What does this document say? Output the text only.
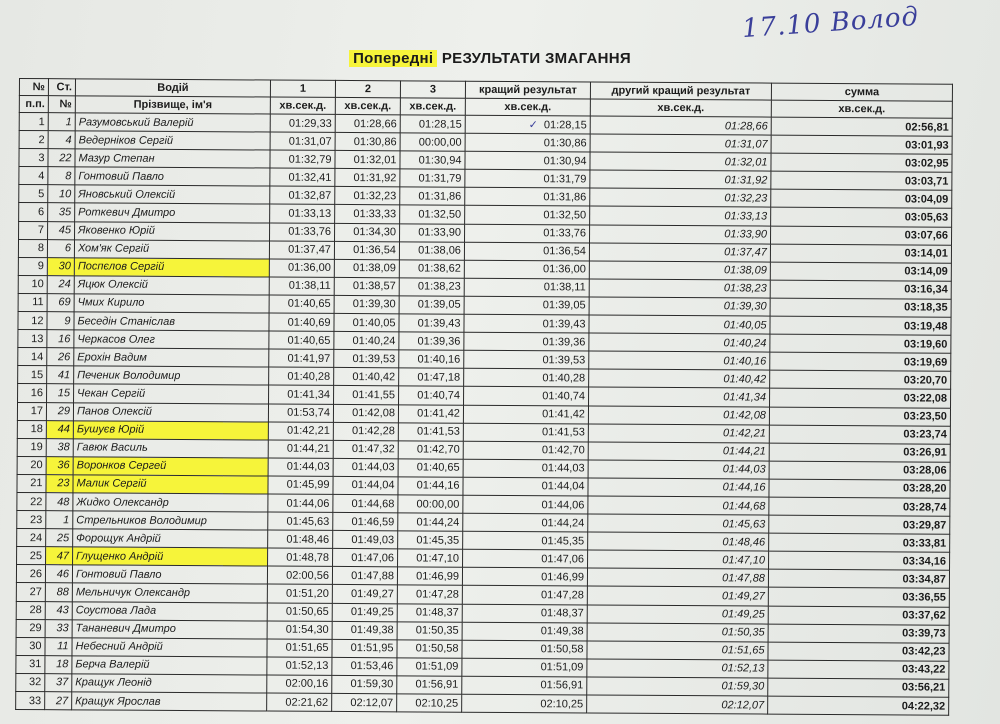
17.10 Волод
Попередні РЕЗУЛЬТАТИ ЗМАГАННЯ
№	Ст.	Водій	1	2	3	кращий результат	другий кращий результат	сумма
п.п.	№	Прізвище, ім'я	хв.сек.д.	хв.сек.д.	хв.сек.д.	хв.сек.д.	хв.сек.д.	хв.сек.д.
1	1	Разумовський Валерій	01:29,33	01:28,66	01:28,15	✓ 01:28,15	01:28,66	02:56,81
2	4	Ведерніков Сергій	01:31,07	01:30,86	00:00,00	01:30,86	01:31,07	03:01,93
3	22	Мазур Степан	01:32,79	01:32,01	01:30,94	01:30,94	01:32,01	03:02,95
4	8	Гонтовий Павло	01:32,41	01:31,92	01:31,79	01:31,79	01:31,92	03:03,71
5	10	Яновський Олексій	01:32,87	01:32,23	01:31,86	01:31,86	01:32,23	03:04,09
6	35	Роткевич Дмитро	01:33,13	01:33,33	01:32,50	01:32,50	01:33,13	03:05,63
7	45	Яковенко Юрій	01:33,76	01:34,30	01:33,90	01:33,76	01:33,90	03:07,66
8	6	Хом'як Сергій	01:37,47	01:36,54	01:38,06	01:36,54	01:37,47	03:14,01
9	30	Поспєлов Сергій	01:36,00	01:38,09	01:38,62	01:36,00	01:38,09	03:14,09
10	24	Яцюк Олексій	01:38,11	01:38,57	01:38,23	01:38,11	01:38,23	03:16,34
11	69	Чмих Кирило	01:40,65	01:39,30	01:39,05	01:39,05	01:39,30	03:18,35
12	9	Беседін Станіслав	01:40,69	01:40,05	01:39,43	01:39,43	01:40,05	03:19,48
13	16	Черкасов Олег	01:40,65	01:40,24	01:39,36	01:39,36	01:40,24	03:19,60
14	26	Ерохін Вадим	01:41,97	01:39,53	01:40,16	01:39,53	01:40,16	03:19,69
15	41	Печеник Володимир	01:40,28	01:40,42	01:47,18	01:40,28	01:40,42	03:20,70
16	15	Чекан Сергій	01:41,34	01:41,55	01:40,74	01:40,74	01:41,34	03:22,08
17	29	Панов Олексій	01:53,74	01:42,08	01:41,42	01:41,42	01:42,08	03:23,50
18	44	Бушуєв Юрій	01:42,21	01:42,28	01:41,53	01:41,53	01:42,21	03:23,74
19	38	Гавюк Василь	01:44,21	01:47,32	01:42,70	01:42,70	01:44,21	03:26,91
20	36	Воронков Сергей	01:44,03	01:44,03	01:40,65	01:44,03	01:44,03	03:28,06
21	23	Малик Сергій	01:45,99	01:44,04	01:44,16	01:44,04	01:44,16	03:28,20
22	48	Жидко Олександр	01:44,06	01:44,68	00:00,00	01:44,06	01:44,68	03:28,74
23	1	Стрельников Володимир	01:45,63	01:46,59	01:44,24	01:44,24	01:45,63	03:29,87
24	25	Форощук Андрій	01:48,46	01:49,03	01:45,35	01:45,35	01:48,46	03:33,81
25	47	Глущенко Андрій	01:48,78	01:47,06	01:47,10	01:47,06	01:47,10	03:34,16
26	46	Гонтовий Павло	02:00,56	01:47,88	01:46,99	01:46,99	01:47,88	03:34,87
27	88	Мельничук Олександр	01:51,20	01:49,27	01:47,28	01:47,28	01:49,27	03:36,55
28	43	Соустова Лада	01:50,65	01:49,25	01:48,37	01:48,37	01:49,25	03:37,62
29	33	Тананевич Дмитро	01:54,30	01:49,38	01:50,35	01:49,38	01:50,35	03:39,73
30	11	Небесний Андрій	01:51,65	01:51,95	01:50,58	01:50,58	01:51,65	03:42,23
31	18	Берча Валерій	01:52,13	01:53,46	01:51,09	01:51,09	01:52,13	03:43,22
32	37	Кращук Леонід	02:00,16	01:59,30	01:56,91	01:56,91	01:59,30	03:56,21
33	27	Кращук Ярослав	02:21,62	02:12,07	02:10,25	02:10,25	02:12,07	04:22,32
